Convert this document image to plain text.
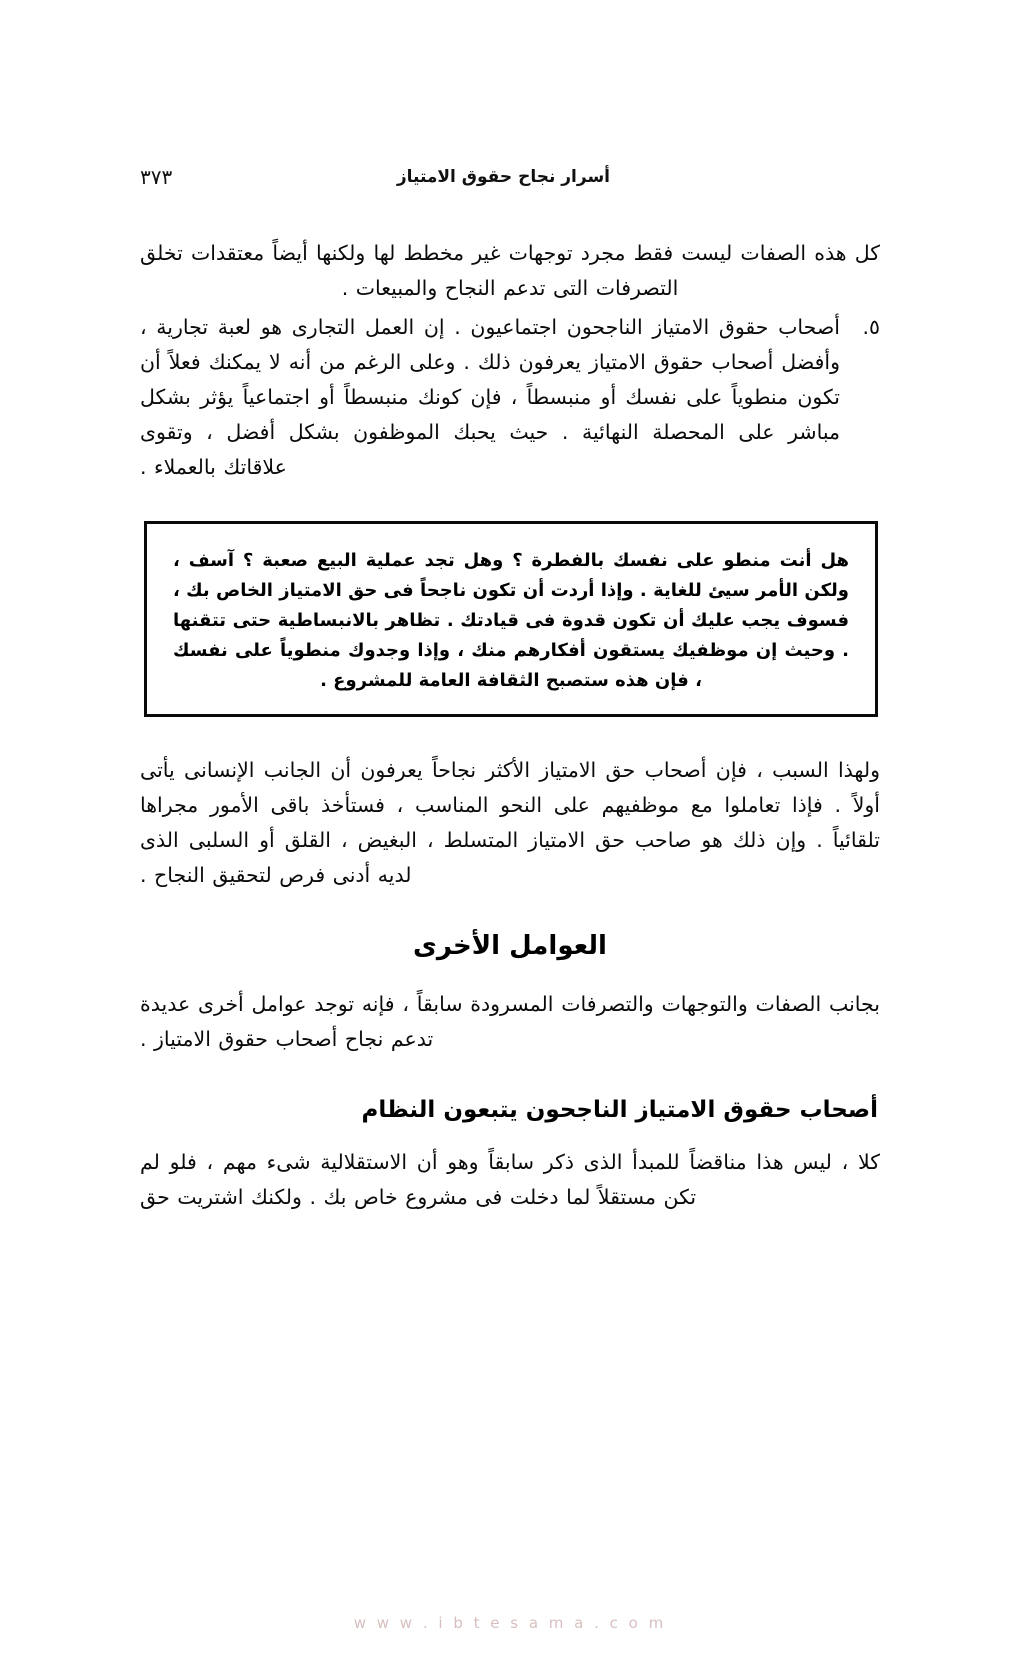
٣٧٣	أسرار نجاح حقوق الامتياز

كل هذه الصفات ليست فقط مجرد توجهات غير مخطط لها ولكنها أيضاً معتقدات تخلق التصرفات التى تدعم النجاح والمبيعات .

٥.
أصحاب حقوق الامتياز الناجحون اجتماعيون . إن العمل التجارى هو لعبة تجارية ، وأفضل أصحاب حقوق الامتياز يعرفون ذلك . وعلى الرغم من أنه لا يمكنك فعلاً أن تكون منطوياً على نفسك أو منبسطاً ، فإن كونك منبسطاً أو اجتماعياً يؤثر بشكل مباشر على المحصلة النهائية . حيث يحبك الموظفون بشكل أفضل ، وتقوى علاقاتك بالعملاء .

هل أنت منطو على نفسك بالفطرة ؟ وهل تجد عملية البيع صعبة ؟ آسف ، ولكن الأمر سيئ للغاية . وإذا أردت أن تكون ناجحاً فى حق الامتياز الخاص بك ، فسوف يجب عليك أن تكون قدوة فى قيادتك . تظاهر بالانبساطية حتى تتقنها . وحيث إن موظفيك يستقون أفكارهم منك ، وإذا وجدوك منطوياً على نفسك ، فإن هذه ستصبح الثقافة العامة للمشروع .

ولهذا السبب ، فإن أصحاب حق الامتياز الأكثر نجاحاً يعرفون أن الجانب الإنسانى يأتى أولاً . فإذا تعاملوا مع موظفيهم على النحو المناسب ، فستأخذ باقى الأمور مجراها تلقائياً . وإن ذلك هو صاحب حق الامتياز المتسلط ، البغيض ، القلق أو السلبى الذى لديه أدنى فرص لتحقيق النجاح .

العوامل الأخرى

بجانب الصفات والتوجهات والتصرفات المسرودة سابقاً ، فإنه توجد عوامل أخرى عديدة تدعم نجاح أصحاب حقوق الامتياز .

أصحاب حقوق الامتياز الناجحون يتبعون النظام

كلا ، ليس هذا مناقضاً للمبدأ الذى ذكر سابقاً وهو أن الاستقلالية شىء مهم ، فلو لم تكن مستقلاً لما دخلت فى مشروع خاص بك . ولكنك اشتريت حق

w w w . i b t e s a m a . c o m
